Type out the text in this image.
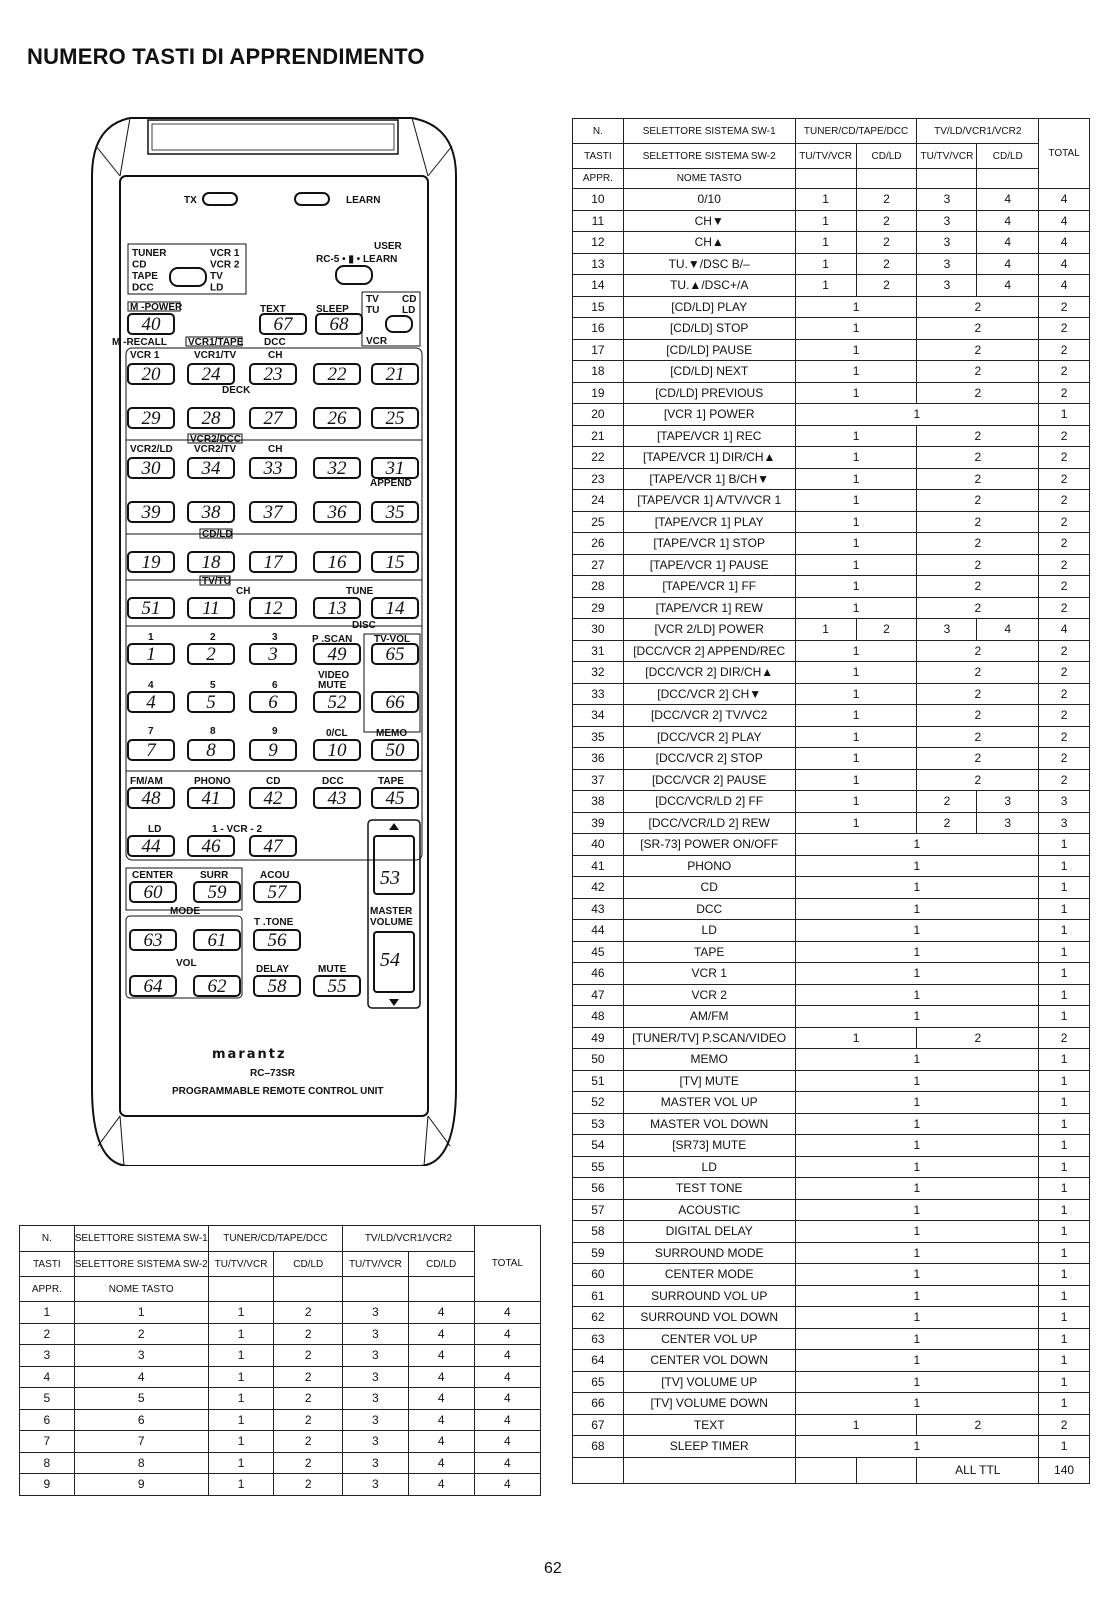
NUMERO TASTI DI APPRENDIMENTO
TX	LEARN
TUNER
CD
TAPE
DCC
VCR 1
VCR 2
TV
LD
USER
RC-5 • ▮ • LEARN
M -POWER	TEXT	SLEEP
TV CD
TU LD
VCR
M -RECALL VCR1/TAPE DCC
VCR 1	VCR1/TV	CH
DECK
VCR2/DCC
VCR2/LD VCR2/TV	CH
APPEND
CD/LD
TV/TU
CH	TUNE
DISC
P .SCAN TV-VOL
VIDEO
MUTE
0/CL	MEMO
FM/AM	PHONO	CD	DCC	TAPE
LD	1 - VCR - 2
CENTER	SURR	ACOU
MODE	MASTER
VOLUME
T .TONE
VOL
DELAY	MUTE
53
54
40	67 68
20 24 23 22 21
29 28 27 26 25
30 34 33 32 31
39 38 37 36 35
19 18 17 16 15
51 11 12 13 14
1	2	3	49 65
4	5	6	52 66
7	8	9	10 50
48 41 42 43 45
44 46 47
60 59 57
56
63 61
64 62 58 55
1	2	3
4	5	6
7	8	9
marantz
RC–73SR
PROGRAMMABLE REMOTE CONTROL UNIT
N.	SELETTORE SISTEMA SW-1	TUNER/CD/TAPE/DCC		TV/LD/VCR1/VCR2		TOTAL
TASTI	SELETTORE SISTEMA SW-2	TU/TV/VCR	CD/LD	TU/TV/VCR	CD/LD	
APPR.	NOME TASTO					
10	0/10	1	2	3	4	4
11	CH▼	1	2	3	4	4
12	CH▲	1	2	3	4	4
13	TU.▼/DSC B/–	1	2	3	4	4
14	TU.▲/DSC+/A	1	2	3	4	4
15	[CD/LD] PLAY	1		2		2
16	[CD/LD] STOP	1		2		2
17	[CD/LD] PAUSE	1		2		2
18	[CD/LD] NEXT	1		2		2
19	[CD/LD] PREVIOUS	1		2		2
20	[VCR 1] POWER	1				1
21	[TAPE/VCR 1] REC	1		2		2
22	[TAPE/VCR 1] DIR/CH▲	1		2		2
23	[TAPE/VCR 1] B/CH▼	1		2		2
24	[TAPE/VCR 1] A/TV/VCR 1	1		2		2
25	[TAPE/VCR 1] PLAY	1		2		2
26	[TAPE/VCR 1] STOP	1		2		2
27	[TAPE/VCR 1] PAUSE	1		2		2
28	[TAPE/VCR 1] FF	1		2		2
29	[TAPE/VCR 1] REW	1		2		2
30	[VCR 2/LD] POWER	1	2	3	4	4
31	[DCC/VCR 2] APPEND/REC	1		2		2
32	[DCC/VCR 2] DIR/CH▲	1		2		2
33	[DCC/VCR 2] CH▼	1		2		2
34	[DCC/VCR 2] TV/VC2	1		2		2
35	[DCC/VCR 2] PLAY	1		2		2
36	[DCC/VCR 2] STOP	1		2		2
37	[DCC/VCR 2] PAUSE	1		2		2
38	[DCC/VCR/LD 2] FF	1		2	3	3
39	[DCC/VCR/LD 2] REW	1		2	3	3
40	[SR-73] POWER ON/OFF	1				1
41	PHONO	1				1
42	CD	1				1
43	DCC	1				1
44	LD	1				1
45	TAPE	1				1
46	VCR 1	1				1
47	VCR 2	1				1
48	AM/FM	1				1
49	[TUNER/TV] P.SCAN/VIDEO	1		2		2
50	MEMO	1				1
51	[TV] MUTE	1				1
52	MASTER VOL UP	1				1
53	MASTER VOL DOWN	1				1
54	[SR73] MUTE	1				1
55	LD	1				1
56	TEST TONE	1				1
57	ACOUSTIC	1				1
58	DIGITAL DELAY	1				1
59	SURROUND MODE	1				1
60	CENTER MODE	1				1
61	SURROUND VOL UP	1				1
62	SURROUND VOL DOWN	1				1
63	CENTER VOL UP	1				1
64	CENTER VOL DOWN	1				1
65	[TV] VOLUME UP	1				1
66	[TV] VOLUME DOWN	1				1
67	TEXT	1		2		2
68	SLEEP TIMER	1				1
				ALL TTL		140
N.	SELETTORE SISTEMA SW-1	TUNER/CD/TAPE/DCC		TV/LD/VCR1/VCR2		TOTAL
TASTI	SELETTORE SISTEMA SW-2	TU/TV/VCR	CD/LD	TU/TV/VCR	CD/LD	
APPR.	NOME TASTO					
1	1	1	2	3	4	4
2	2	1	2	3	4	4
3	3	1	2	3	4	4
4	4	1	2	3	4	4
5	5	1	2	3	4	4
6	6	1	2	3	4	4
7	7	1	2	3	4	4
8	8	1	2	3	4	4
9	9	1	2	3	4	4
62
